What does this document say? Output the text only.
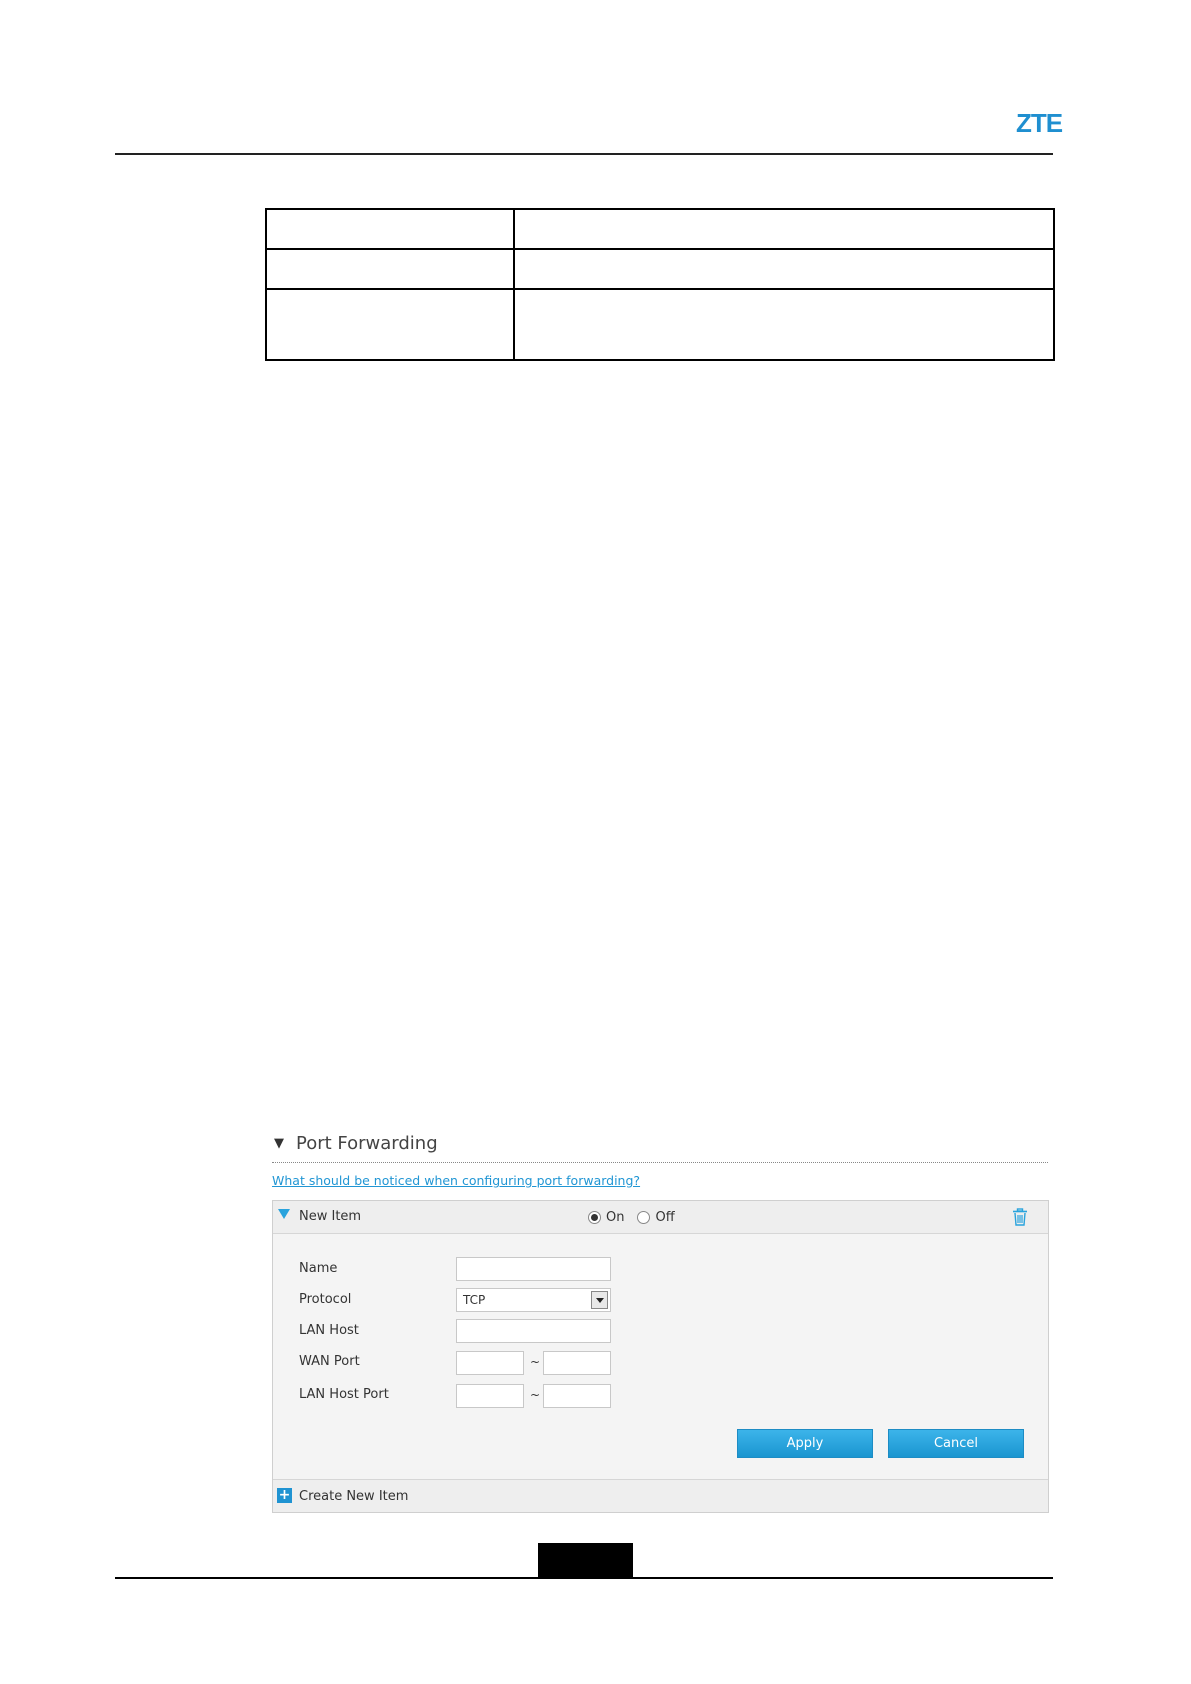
ZTE

▼ Port Forwarding
What should be noticed when configuring port forwarding?
New Item	On Off
Name
Protocol	TCP
LAN Host
WAN Port	~
LAN Host Port	~
Apply	Cancel
+ Create New Item
